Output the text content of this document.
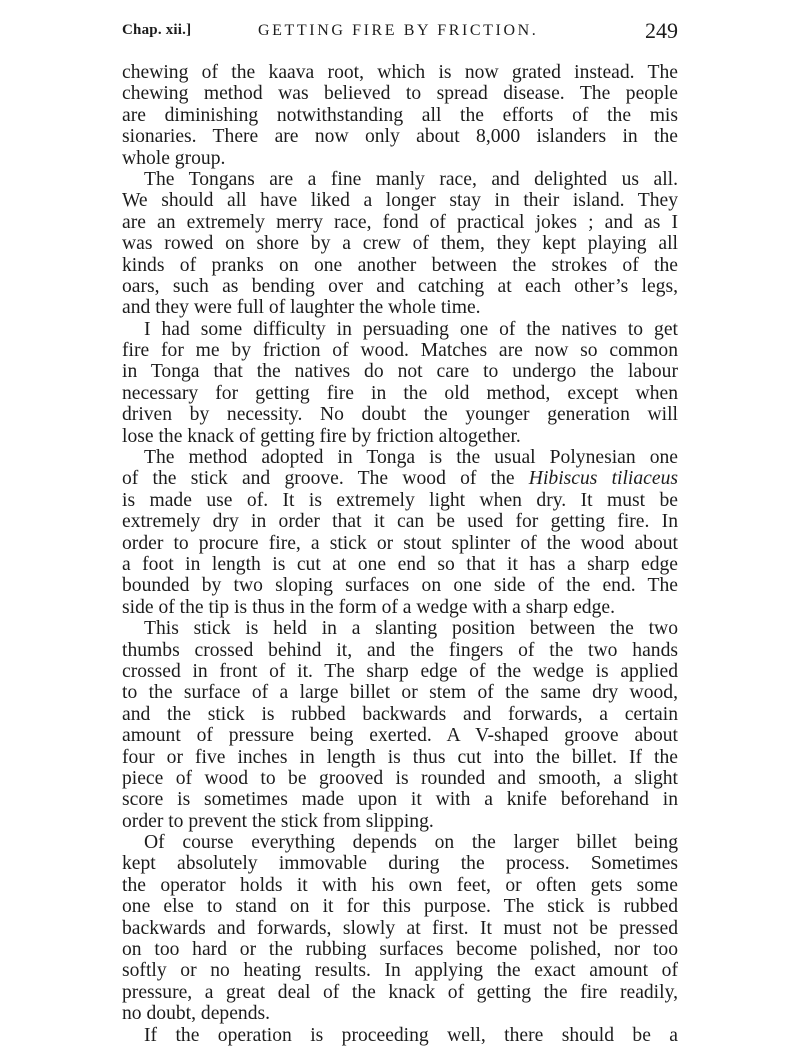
Chap. xii.]	GETTING FIRE BY FRICTION.	249
chewing of the kaava root, which is now grated instead. The
chewing method was believed to spread disease. The people
are diminishing notwithstanding all the efforts of the mis
sionaries. There are now only about 8,000 islanders in the
whole group.
The Tongans are a fine manly race, and delighted us all.
We should all have liked a longer stay in their island. They
are an extremely merry race, fond of practical jokes ; and as I
was rowed on shore by a crew of them, they kept playing all
kinds of pranks on one another between the strokes of the
oars, such as bending over and catching at each other’s legs,
and they were full of laughter the whole time.
I had some difficulty in persuading one of the natives to get
fire for me by friction of wood. Matches are now so common
in Tonga that the natives do not care to undergo the labour
necessary for getting fire in the old method, except when
driven by necessity. No doubt the younger generation will
lose the knack of getting fire by friction altogether.
The method adopted in Tonga is the usual Polynesian one
of the stick and groove. The wood of the Hibiscus tiliaceus
is made use of. It is extremely light when dry. It must be
extremely dry in order that it can be used for getting fire. In
order to procure fire, a stick or stout splinter of the wood about
a foot in length is cut at one end so that it has a sharp edge
bounded by two sloping surfaces on one side of the end. The
side of the tip is thus in the form of a wedge with a sharp edge.
This stick is held in a slanting position between the two
thumbs crossed behind it, and the fingers of the two hands
crossed in front of it. The sharp edge of the wedge is applied
to the surface of a large billet or stem of the same dry wood,
and the stick is rubbed backwards and forwards, a certain
amount of pressure being exerted. A V-shaped groove about
four or five inches in length is thus cut into the billet. If the
piece of wood to be grooved is rounded and smooth, a slight
score is sometimes made upon it with a knife beforehand in
order to prevent the stick from slipping.
Of course everything depends on the larger billet being
kept absolutely immovable during the process. Sometimes
the operator holds it with his own feet, or often gets some
one else to stand on it for this purpose. The stick is rubbed
backwards and forwards, slowly at first. It must not be pressed
on too hard or the rubbing surfaces become polished, nor too
softly or no heating results. In applying the exact amount of
pressure, a great deal of the knack of getting the fire readily,
no doubt, depends.
If the operation is proceeding well, there should be a
